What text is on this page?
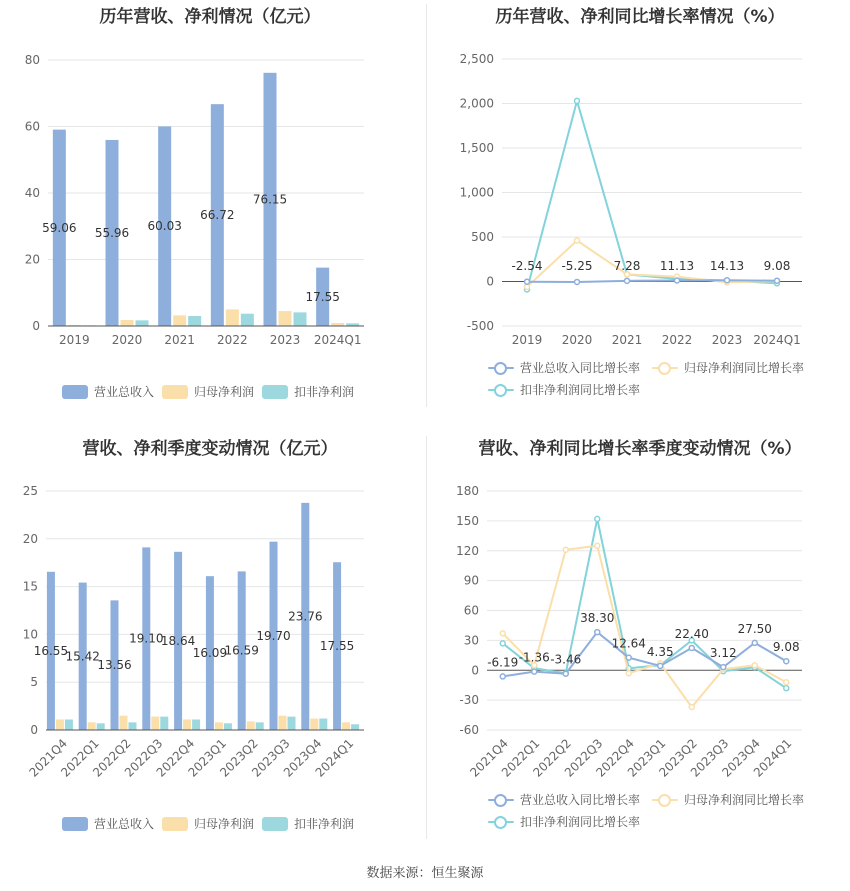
历年营收、净利情况（亿元）
0
20
40
60
80
59.06 55.96 60.03
66.72
76.15
17.55
2019 2020 2021 2022 2023 2024Q1
营业总收入	归母净利润	扣非净利润
历年营收、净利同比增长率情况（%）
-500
0
500
1,000
1,500
2,000
2,500
-2.54 -5.25 7.28 11.13 14.13 9.08
2019 2020 2021 2022 2023 2024Q1
营业总收入同比增长率	归母净利润同比增长率
扣非净利润同比增长率
营收、净利季度变动情况（亿元）
0
5
10
15
20
25
16.55
15.42
13.56
19.10
18.64
16.09
16.59
19.70
23.76
17.55
2021Q4
2022Q1
2022Q2
2022Q3
2022Q4
2023Q1
2023Q2
2023Q3
2023Q4
2024Q1
营业总收入	归母净利润	扣非净利润
营收、净利同比增长率季度变动情况（%）
-60
-30
0
30
60
90
120
150
180
-6.19 -1.36 -3.46
38.30
12.64
4.35
22.40
3.12
27.50
9.08
2021Q4
2022Q1
2022Q2
2022Q3
2022Q4
2023Q1
2023Q2
2023Q3
2023Q4
2024Q1
营业总收入同比增长率	归母净利润同比增长率
扣非净利润同比增长率
数据来源：恒生聚源
